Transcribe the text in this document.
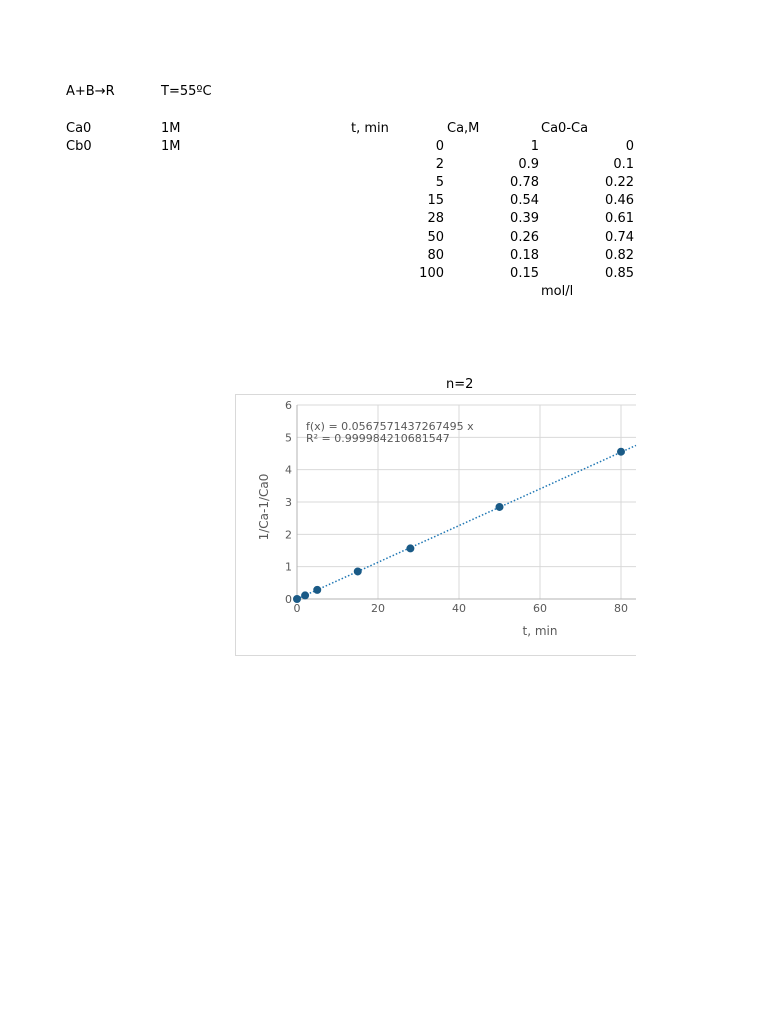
A+B→R	T=55ºC
Ca0	1M
Cb0	1M
t, min	Ca,M	Ca0-Ca
0	1	0
2	0.9	0.1
5	0.78	0.22
15	0.54	0.46
28	0.39	0.61
50	0.26	0.74
80	0.18	0.82
100	0.15	0.85
mol/l
n=2
0	20	40	60	80
0
1
2
3
4
5
6
t, min
1/Ca-1/Ca0
f(x) = 0.0567571437267495 x
R² = 0.999984210681547
